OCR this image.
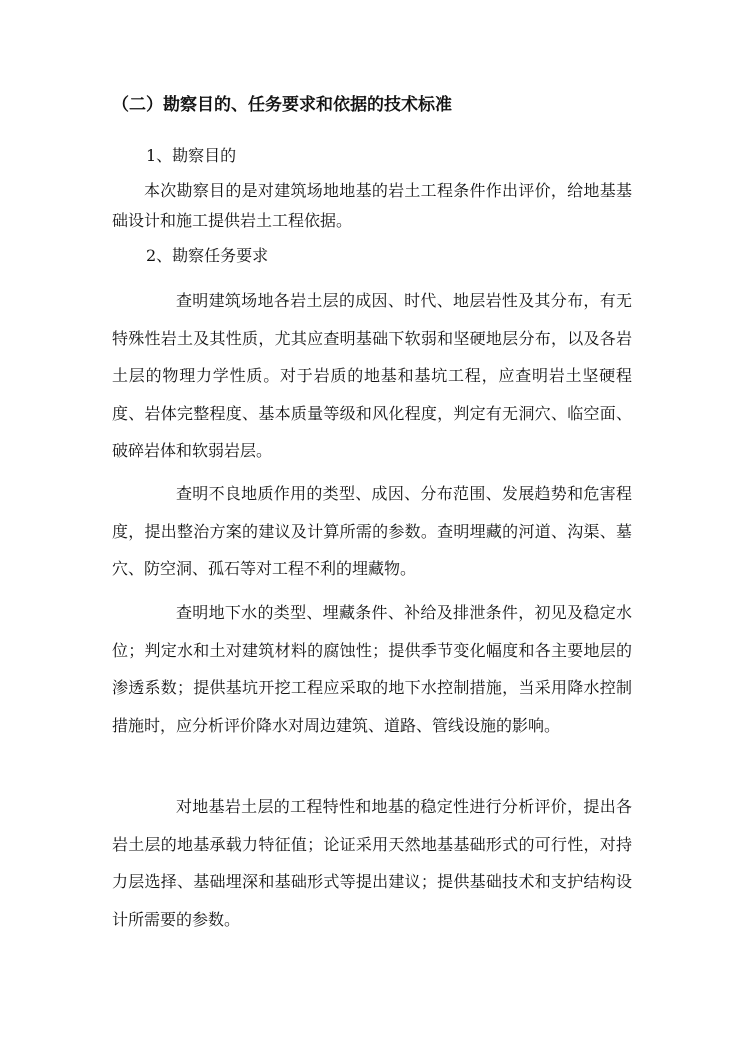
（二）勘察目的、任务要求和依据的技术标准
1、勘察目的
本次勘察目的是对建筑场地地基的岩土工程条件作出评价，给地基基础设计和施工提供岩土工程依据。
2、勘察任务要求
查明建筑场地各岩土层的成因、时代、地层岩性及其分布，有无特殊性岩土及其性质，尤其应查明基础下软弱和坚硬地层分布，以及各岩土层的物理力学性质。对于岩质的地基和基坑工程，应查明岩土坚硬程度、岩体完整程度、基本质量等级和风化程度，判定有无洞穴、临空面、破碎岩体和软弱岩层。
查明不良地质作用的类型、成因、分布范围、发展趋势和危害程度，提出整治方案的建议及计算所需的参数。查明埋藏的河道、沟渠、墓穴、防空洞、孤石等对工程不利的埋藏物。
查明地下水的类型、埋藏条件、补给及排泄条件，初见及稳定水位；判定水和土对建筑材料的腐蚀性；提供季节变化幅度和各主要地层的渗透系数；提供基坑开挖工程应采取的地下水控制措施，当采用降水控制措施时，应分析评价降水对周边建筑、道路、管线设施的影响。
对地基岩土层的工程特性和地基的稳定性进行分析评价，提出各岩土层的地基承载力特征值；论证采用天然地基基础形式的可行性，对持力层选择、基础埋深和基础形式等提出建议；提供基础技术和支护结构设计所需要的参数。
